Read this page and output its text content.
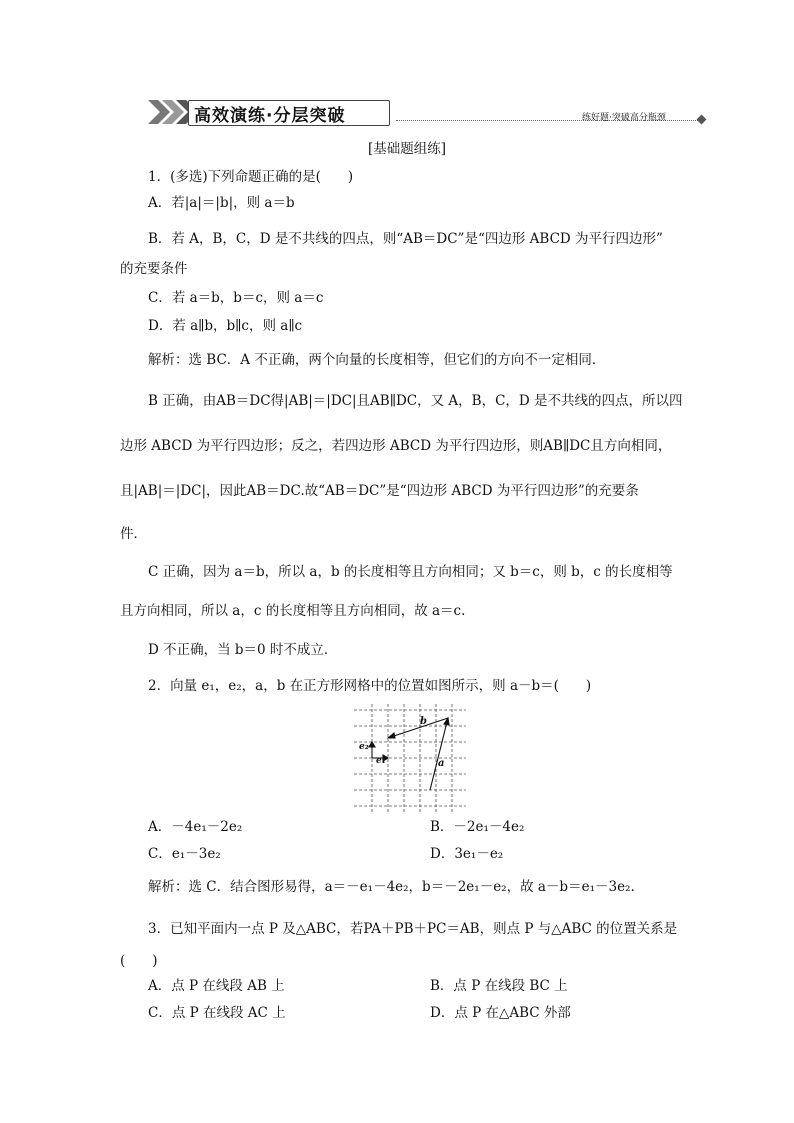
高效演练·分层突破	练好题·突破高分瓶颈
[基础题组练]
1．(多选)下列命题正确的是(　　)
A．若|a|＝|b|，则 a＝b
B．若 A，B，C，D 是不共线的四点，则“AB＝DC”是“四边形 ABCD 为平行四边形”
的充要条件
C．若 a＝b，b＝c，则 a＝c
D．若 a∥b，b∥c，则 a∥c
解析：选 BC．A 不正确，两个向量的长度相等，但它们的方向不一定相同．
B 正确，由AB＝DC得|AB|＝|DC|且AB∥DC，又 A，B，C，D 是不共线的四点，所以四
边形 ABCD 为平行四边形；反之，若四边形 ABCD 为平行四边形，则AB∥DC且方向相同，
且|AB|＝|DC|，因此AB＝DC.故“AB＝DC”是“四边形 ABCD 为平行四边形”的充要条
件．
C 正确，因为 a＝b，所以 a，b 的长度相等且方向相同；又 b＝c，则 b，c 的长度相等
且方向相同，所以 a，c 的长度相等且方向相同，故 a＝c.
D 不正确，当 b＝0 时不成立．
2．向量 e₁，e₂，a，b 在正方形网格中的位置如图所示，则 a－b＝(　　)
b
a
e₁
e₂
A．－4e₁－2e₂	B．－2e₁－4e₂
C．e₁－3e₂	D．3e₁－e₂
解析：选 C．结合图形易得，a＝－e₁－4e₂，b＝－2e₁－e₂，故 a－b＝e₁－3e₂.
3．已知平面内一点 P 及△ABC，若PA＋PB＋PC＝AB，则点 P 与△ABC 的位置关系是
(　　)
A．点 P 在线段 AB 上	B．点 P 在线段 BC 上
C．点 P 在线段 AC 上	D．点 P 在△ABC 外部
